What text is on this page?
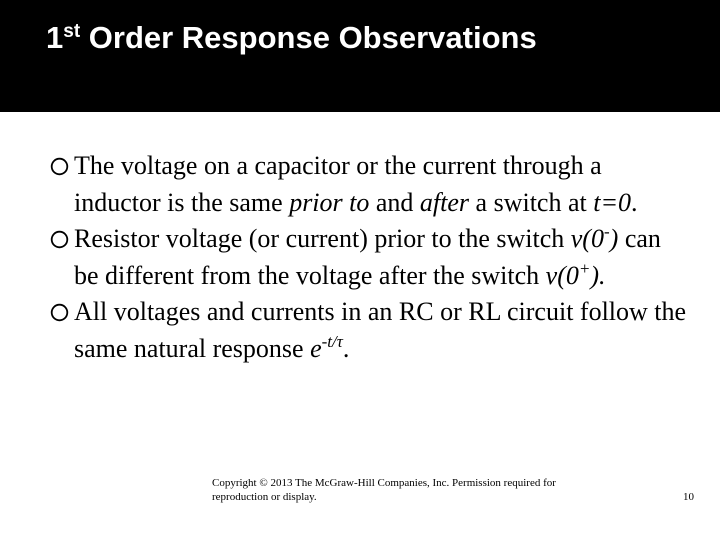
1st Order Response Observations
The voltage on a capacitor or the current through a inductor is the same prior to and after a switch at t=0.
Resistor voltage (or current) prior to the switch v(0-) can be different from the voltage after the switch v(0+).
All voltages and currents in an RC or RL circuit follow the same natural response $e^{-t/\tau}$.
Copyright © 2013 The McGraw-Hill Companies, Inc. Permission required for reproduction or display.	10
